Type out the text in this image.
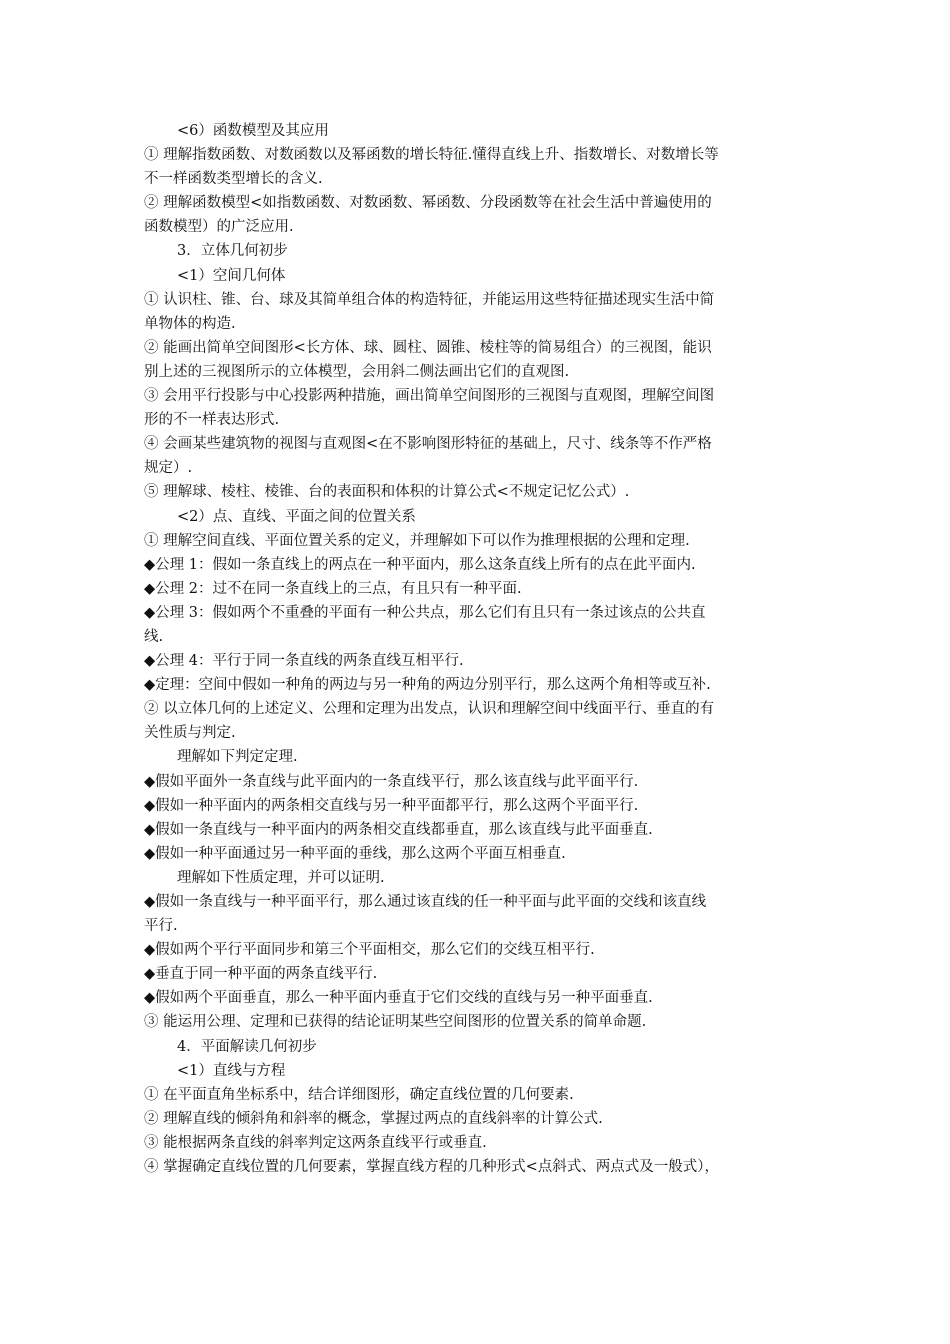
<6）函数模型及其应用
① 理解指数函数、对数函数以及幂函数的增长特征.懂得直线上升、指数增长、对数增长等
不一样函数类型增长的含义.
② 理解函数模型<如指数函数、对数函数、幂函数、分段函数等在社会生活中普遍使用的
函数模型）的广泛应用.
3．立体几何初步
<1）空间几何体
① 认识柱、锥、台、球及其简单组合体的构造特征，并能运用这些特征描述现实生活中简
单物体的构造.
② 能画出简单空间图形<长方体、球、圆柱、圆锥、棱柱等的简易组合）的三视图，能识
别上述的三视图所示的立体模型，会用斜二侧法画出它们的直观图.
③ 会用平行投影与中心投影两种措施，画出简单空间图形的三视图与直观图，理解空间图
形的不一样表达形式.
④ 会画某些建筑物的视图与直观图<在不影响图形特征的基础上，尺寸、线条等不作严格
规定）.
⑤ 理解球、棱柱、棱锥、台的表面积和体积的计算公式<不规定记忆公式）.
<2）点、直线、平面之间的位置关系
① 理解空间直线、平面位置关系的定义，并理解如下可以作为推理根据的公理和定理.
◆公理 1：假如一条直线上的两点在一种平面内，那么这条直线上所有的点在此平面内.
◆公理 2：过不在同一条直线上的三点，有且只有一种平面.
◆公理 3：假如两个不重叠的平面有一种公共点，那么它们有且只有一条过该点的公共直
线.
◆公理 4：平行于同一条直线的两条直线互相平行.
◆定理：空间中假如一种角的两边与另一种角的两边分别平行，那么这两个角相等或互补.
② 以立体几何的上述定义、公理和定理为出发点，认识和理解空间中线面平行、垂直的有
关性质与判定.
理解如下判定定理.
◆假如平面外一条直线与此平面内的一条直线平行，那么该直线与此平面平行.
◆假如一种平面内的两条相交直线与另一种平面都平行，那么这两个平面平行.
◆假如一条直线与一种平面内的两条相交直线都垂直，那么该直线与此平面垂直.
◆假如一种平面通过另一种平面的垂线，那么这两个平面互相垂直.
理解如下性质定理，并可以证明.
◆假如一条直线与一种平面平行，那么通过该直线的任一种平面与此平面的交线和该直线
平行.
◆假如两个平行平面同步和第三个平面相交，那么它们的交线互相平行.
◆垂直于同一种平面的两条直线平行.
◆假如两个平面垂直，那么一种平面内垂直于它们交线的直线与另一种平面垂直.
③ 能运用公理、定理和已获得的结论证明某些空间图形的位置关系的简单命题.
4．平面解读几何初步
<1）直线与方程
① 在平面直角坐标系中，结合详细图形，确定直线位置的几何要素.
② 理解直线的倾斜角和斜率的概念，掌握过两点的直线斜率的计算公式.
③ 能根据两条直线的斜率判定这两条直线平行或垂直.
④ 掌握确定直线位置的几何要素，掌握直线方程的几种形式<点斜式、两点式及一般式），
